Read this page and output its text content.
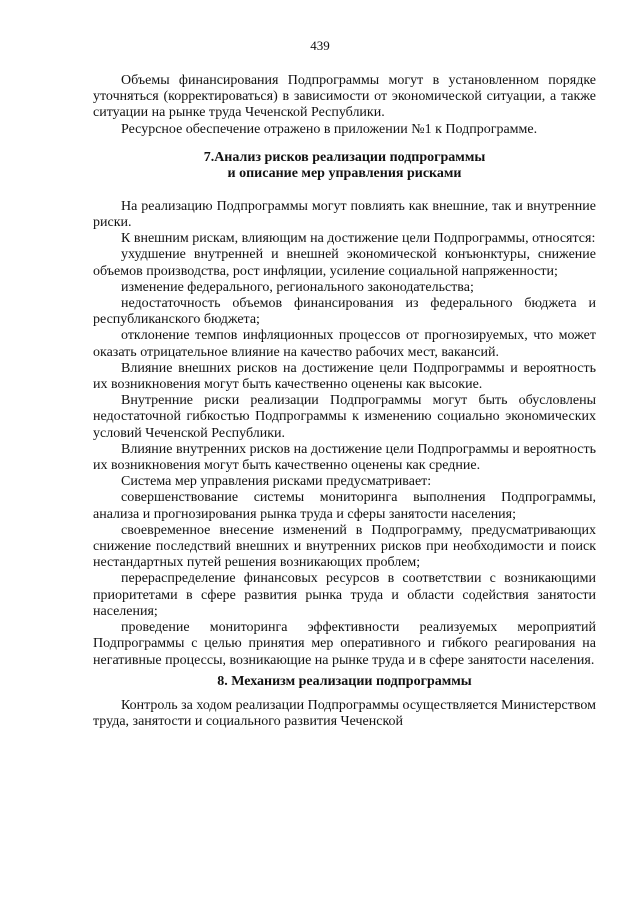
439

Объемы финансирования Подпрограммы могут в установленном порядке уточняться (корректироваться) в зависимости от экономической ситуации, а также ситуации на рынке труда Чеченской Республики.

Ресурсное обеспечение отражено в приложении №1 к Подпрограмме.

7.Анализ рисков реализации подпрограммы
и описание мер управления рисками

На реализацию Подпрограммы могут повлиять как внешние, так и внутренние риски.

К внешним рискам, влияющим на достижение цели Подпрограммы, относятся:

ухудшение внутренней и внешней экономической конъюнктуры, снижение объемов производства, рост инфляции, усиление социальной напряженности;

изменение федерального, регионального законодательства;

недостаточность объемов финансирования из федерального бюджета и республиканского бюджета;

отклонение темпов инфляционных процессов от прогнозируемых, что может оказать отрицательное влияние на качество рабочих мест, вакансий.

Влияние внешних рисков на достижение цели Подпрограммы и вероятность их возникновения могут быть качественно оценены как высокие.

Внутренние риски реализации Подпрограммы могут быть обусловлены недостаточной гибкостью Подпрограммы к изменению социально экономических условий Чеченской Республики.

Влияние внутренних рисков на достижение цели Подпрограммы и вероятность их возникновения могут быть качественно оценены как средние.

Система мер управления рисками предусматривает:

совершенствование системы мониторинга выполнения Подпрограммы, анализа и прогнозирования рынка труда и сферы занятости населения;

своевременное внесение изменений в Подпрограмму, предусматривающих снижение последствий внешних и внутренних рисков при необходимости и поиск нестандартных путей решения возникающих проблем;

перераспределение финансовых ресурсов в соответствии с возникающими приоритетами в сфере развития рынка труда и области содействия занятости населения;

проведение мониторинга эффективности реализуемых мероприятий Подпрограммы с целью принятия мер оперативного и гибкого реагирования на негативные процессы, возникающие на рынке труда и в сфере занятости населения.

8. Механизм реализации подпрограммы

Контроль за ходом реализации Подпрограммы осуществляется Министерством труда, занятости и социального развития Чеченской
